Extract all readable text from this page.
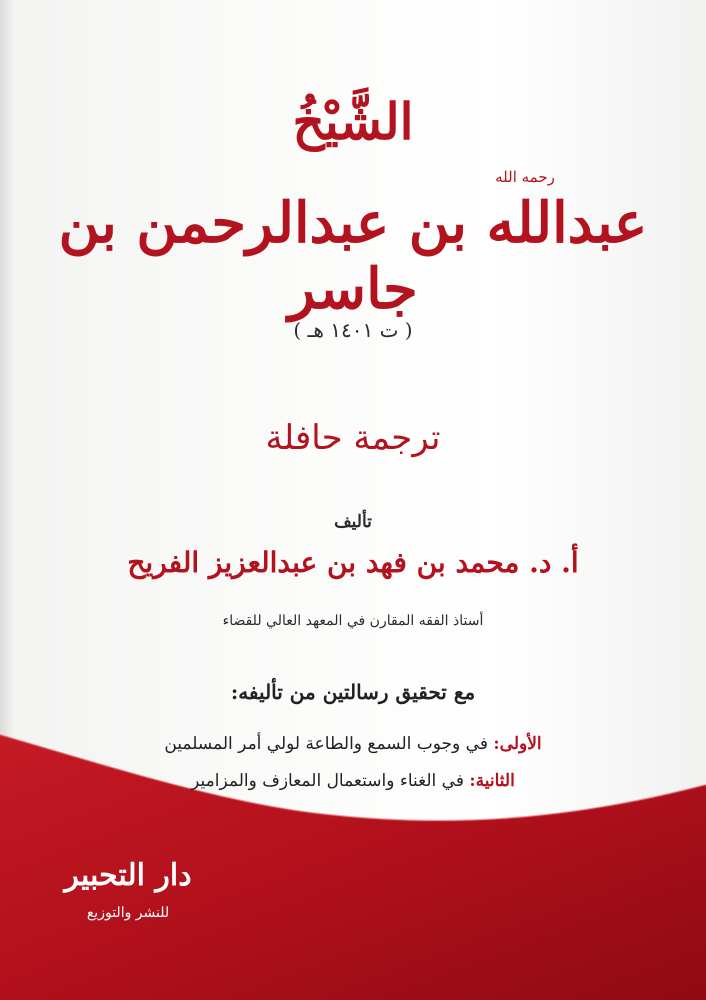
الشَّيْخُ
رحمه الله
عبدالله بن عبدالرحمن بن جاسر
( ت ١٤٠١ هـ )
ترجمة حافلة
تأليف
أ. د. محمد بن فهد بن عبدالعزيز الفريح
أستاذ الفقه المقارن في المعهد العالي للقضاء
مع تحقيق رسالتين من تأليفه:
الأولى: في وجوب السمع والطاعة لولي أمر المسلمين
الثانية: في الغناء واستعمال المعازف والمزامير
دار التحبير
للنشر والتوزيع
